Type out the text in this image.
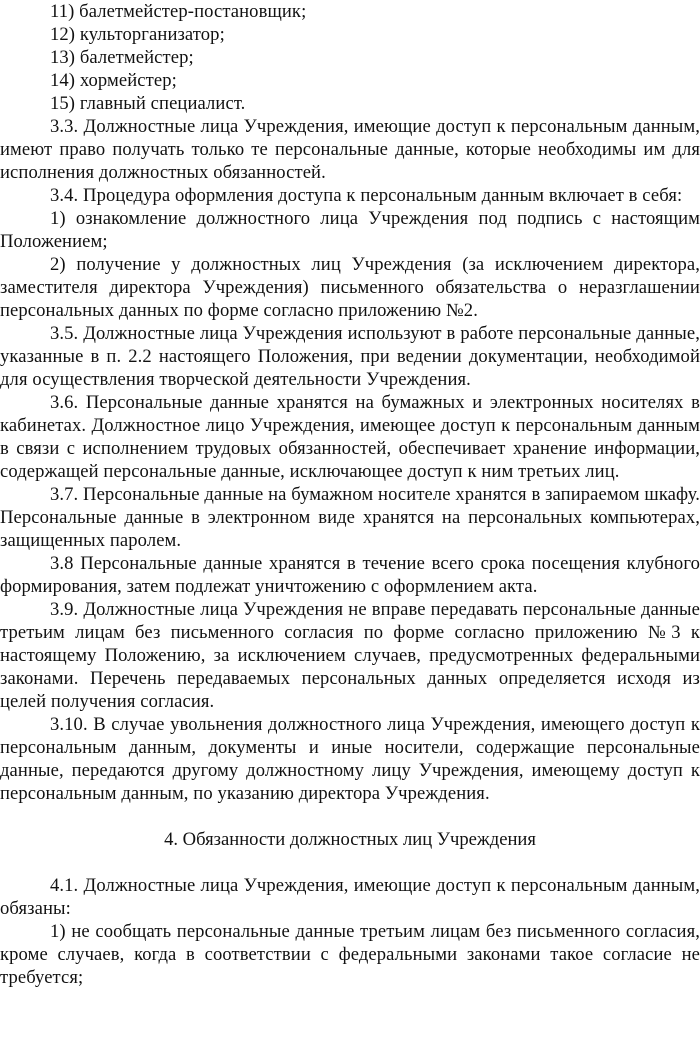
11) балетмейстер-постановщик;

12) культорганизатор;

13) балетмейстер;

14) хормейстер;

15) главный специалист.

3.3. Должностные лица Учреждения, имеющие доступ к персональным данным, имеют право получать только те персональные данные, которые необходимы им для исполнения должностных обязанностей.

3.4. Процедура оформления доступа к персональным данным включает в себя:

1) ознакомление должностного лица Учреждения под подпись с настоящим Положением;

2) получение у должностных лиц Учреждения (за исключением директора, заместителя директора Учреждения) письменного обязательства о неразглашении персональных данных по форме согласно приложению №2.

3.5. Должностные лица Учреждения используют в работе персональные данные, указанные в п. 2.2 настоящего Положения, при ведении документации, необходимой для осуществления творческой деятельности Учреждения.

3.6. Персональные данные хранятся на бумажных и электронных носителях в кабинетах. Должностное лицо Учреждения, имеющее доступ к персональным данным в связи с исполнением трудовых обязанностей, обеспечивает хранение информации, содержащей персональные данные, исключающее доступ к ним третьих лиц.

3.7. Персональные данные на бумажном носителе хранятся в запираемом шкафу. Персональные данные в электронном виде хранятся на персональных компьютерах, защищенных паролем.

3.8 Персональные данные хранятся в течение всего срока посещения клубного формирования, затем подлежат уничтожению с оформлением акта.

3.9. Должностные лица Учреждения не вправе передавать персональные данные третьим лицам без письменного согласия по форме согласно приложению №3 к настоящему Положению, за исключением случаев, предусмотренных федеральными законами. Перечень передаваемых персональных данных определяется исходя из целей получения согласия.

3.10. В случае увольнения должностного лица Учреждения, имеющего доступ к персональным данным, документы и иные носители, содержащие персональные данные, передаются другому должностному лицу Учреждения, имеющему доступ к персональным данным, по указанию директора Учреждения.

4. Обязанности должностных лиц Учреждения

4.1. Должностные лица Учреждения, имеющие доступ к персональным данным, обязаны:

1) не сообщать персональные данные третьим лицам без письменного согласия, кроме случаев, когда в соответствии с федеральными законами такое согласие не требуется;
